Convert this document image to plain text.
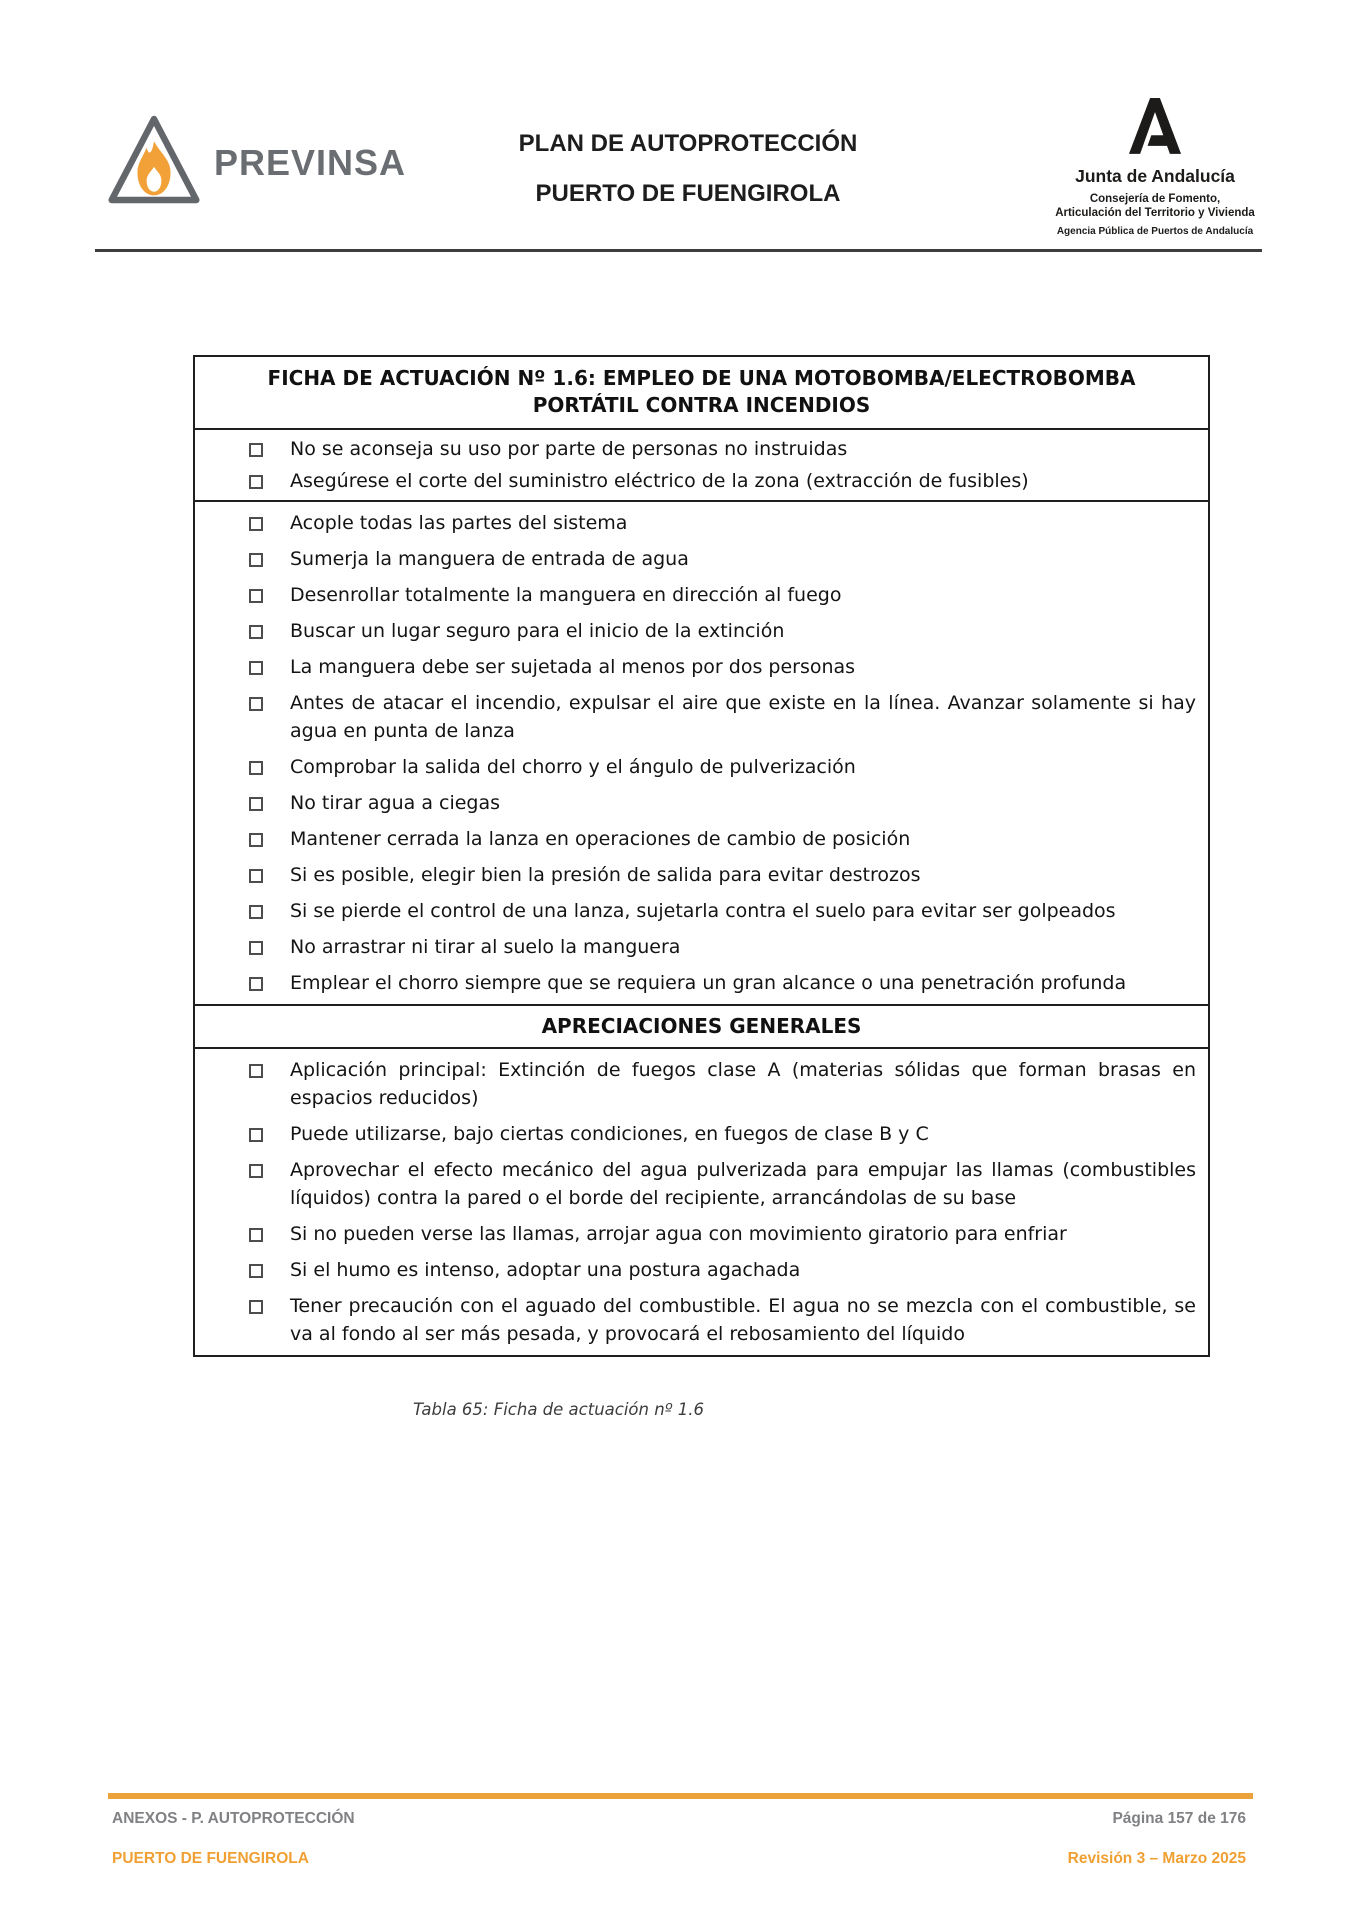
PREVINSA	PLAN DE AUTOPROTECCIÓN
PUERTO DE FUENGIROLA
Junta de Andalucía
Consejería de Fomento,
Articulación del Territorio y Vivienda
Agencia Pública de Puertos de Andalucía
FICHA DE ACTUACIÓN Nº 1.6: EMPLEO DE UNA MOTOBOMBA/ELECTROBOMBA PORTÁTIL CONTRA INCENDIOS
No se aconseja su uso por parte de personas no instruidas
Asegúrese el corte del suministro eléctrico de la zona (extracción de fusibles)
Acople todas las partes del sistema
Sumerja la manguera de entrada de agua
Desenrollar totalmente la manguera en dirección al fuego
Buscar un lugar seguro para el inicio de la extinción
La manguera debe ser sujetada al menos por dos personas
Antes de atacar el incendio, expulsar el aire que existe en la línea. Avanzar solamente si hay agua en punta de lanza
Comprobar la salida del chorro y el ángulo de pulverización
No tirar agua a ciegas
Mantener cerrada la lanza en operaciones de cambio de posición
Si es posible, elegir bien la presión de salida para evitar destrozos
Si se pierde el control de una lanza, sujetarla contra el suelo para evitar ser golpeados
No arrastrar ni tirar al suelo la manguera
Emplear el chorro siempre que se requiera un gran alcance o una penetración profunda
APRECIACIONES GENERALES
Aplicación principal: Extinción de fuegos clase A (materias sólidas que forman brasas en espacios reducidos)
Puede utilizarse, bajo ciertas condiciones, en fuegos de clase B y C
Aprovechar el efecto mecánico del agua pulverizada para empujar las llamas (combustibles líquidos) contra la pared o el borde del recipiente, arrancándolas de su base
Si no pueden verse las llamas, arrojar agua con movimiento giratorio para enfriar
Si el humo es intenso, adoptar una postura agachada
Tener precaución con el aguado del combustible. El agua no se mezcla con el combustible, se va al fondo al ser más pesada, y provocará el rebosamiento del líquido
Tabla 65: Ficha de actuación nº 1.6
ANEXOS - P. AUTOPROTECCIÓN	Página 157 de 176
PUERTO DE FUENGIROLA	Revisión 3 – Marzo 2025
